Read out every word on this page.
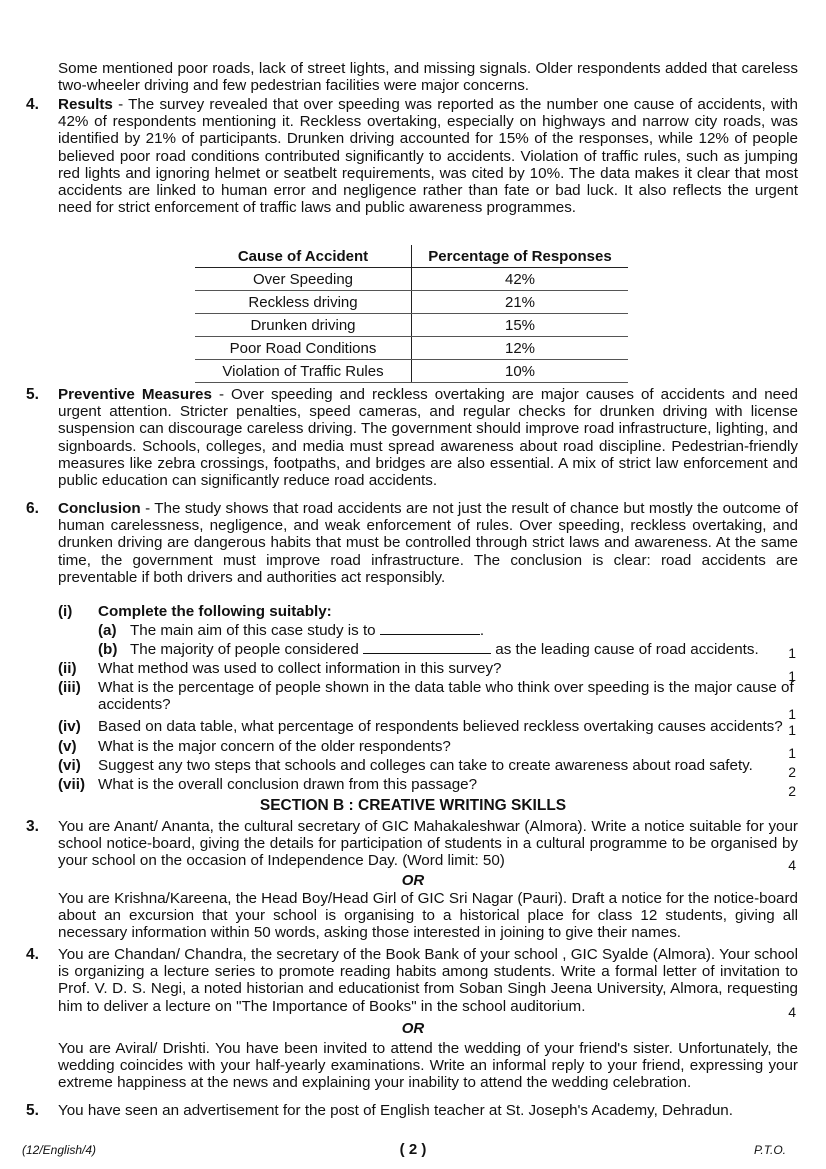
Some mentioned poor roads, lack of street lights, and missing signals. Older respondents added that careless two-wheeler driving and few pedestrian facilities were major concerns.
4. Results - The survey revealed that over speeding was reported as the number one cause of accidents, with 42% of respondents mentioning it. Reckless overtaking, especially on highways and narrow city roads, was identified by 21% of participants. Drunken driving accounted for 15% of the responses, while 12% of people believed poor road conditions contributed significantly to accidents. Violation of traffic rules, such as jumping red lights and ignoring helmet or seatbelt requirements, was cited by 10%. The data makes it clear that most accidents are linked to human error and negligence rather than fate or bad luck. It also reflects the urgent need for strict enforcement of traffic laws and public awareness programmes.
Cause of Accident	Percentage of Responses
Over Speeding	42%
Reckless driving	21%
Drunken driving	15%
Poor Road Conditions	12%
Violation of Traffic Rules	10%
5. Preventive Measures - Over speeding and reckless overtaking are major causes of accidents and need urgent attention. Stricter penalties, speed cameras, and regular checks for drunken driving with license suspension can discourage careless driving. The government should improve road infrastructure, lighting, and signboards. Schools, colleges, and media must spread awareness about road discipline. Pedestrian-friendly measures like zebra crossings, footpaths, and bridges are also essential. A mix of strict law enforcement and public education can significantly reduce road accidents.
6. Conclusion - The study shows that road accidents are not just the result of chance but mostly the outcome of human carelessness, negligence, and weak enforcement of rules. Over speeding, reckless overtaking, and drunken driving are dangerous habits that must be controlled through strict laws and awareness. At the same time, the government must improve road infrastructure. The conclusion is clear: road accidents are preventable if both drivers and authorities act responsibly.
(i) Complete the following suitably:
(a) The main aim of this case study is to	.
(b) The majority of people considered	as the leading cause of road accidents.	1
(ii) What method was used to collect information in this survey?	1
(iii) What is the percentage of people shown in the data table who think over speeding is the major cause of accidents?
1
(iv) Based on data table, what percentage of respondents believed reckless overtaking causes accidents? 1
(v) What is the major concern of the older respondents?	1
(vi) Suggest any two steps that schools and colleges can take to create awareness about road safety.	2
(vii) What is the overall conclusion drawn from this passage?	2
SECTION B : CREATIVE WRITING SKILLS
3. You are Anant/ Ananta, the cultural secretary of GIC Mahakaleshwar (Almora). Write a notice suitable for your school notice-board, giving the details for participation of students in a cultural programme to be organised by your school on the occasion of Independence Day. (Word limit: 50)	4
OR
You are Krishna/Kareena, the Head Boy/Head Girl of GIC Sri Nagar (Pauri). Draft a notice for the notice-board about an excursion that your school is organising to a historical place for class 12 students, giving all necessary information within 50 words, asking those interested in joining to give their names.
4. You are Chandan/ Chandra, the secretary of the Book Bank of your school , GIC Syalde (Almora). Your school is organizing a lecture series to promote reading habits among students. Write a formal letter of invitation to Prof. V. D. S. Negi, a noted historian and educationist from Soban Singh Jeena University, Almora, requesting him to deliver a lecture on "The Importance of Books" in the school auditorium.	4
OR
You are Aviral/ Drishti. You have been invited to attend the wedding of your friend's sister. Unfortunately, the wedding coincides with your half-yearly examinations. Write an informal reply to your friend, expressing your extreme happiness at the news and explaining your inability to attend the wedding celebration.
5. You have seen an advertisement for the post of English teacher at St. Joseph's Academy, Dehradun.
(12/English/4)	( 2 )	P.T.O.
